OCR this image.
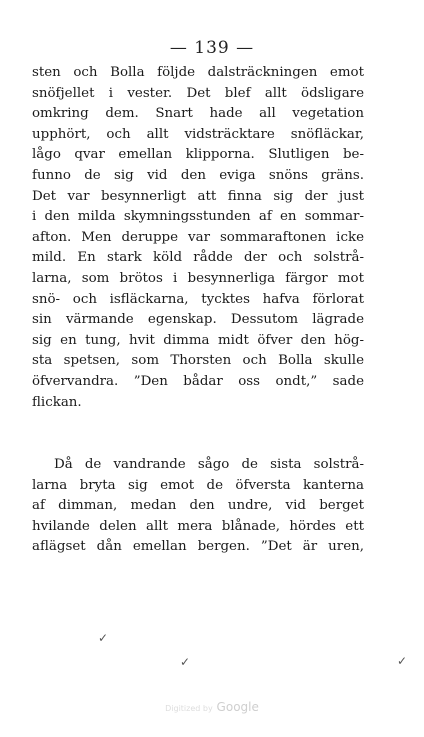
— 139 —
sten och Bolla följde dalsträckningen emot
snöfjellet i vester. Det blef allt ödsligare
omkring dem. Snart hade all vegetation
upphört, och allt vidsträcktare snöfläckar,
lågo qvar emellan klipporna. Slutligen be-
funno de sig vid den eviga snöns gräns.
Det var besynnerligt att finna sig der just
i den milda skymningsstunden af en sommar-
afton. Men deruppe var sommaraftonen icke
mild. En stark köld rådde der och solstrå-
larna, som brötos i besynnerliga färgor mot
snö- och isfläckarna, tycktes hafva förlorat
sin värmande egenskap. Dessutom lägrade
sig en tung, hvit dimma midt öfver den hög-
sta spetsen, som Thorsten och Bolla skulle
öfvervandra. ”Den bådar oss ondt,” sade
flickan.
Då de vandrande sågo de sista solstrå-
larna bryta sig emot de öfversta kanterna
af dimman, medan den undre, vid berget
hvilande delen allt mera blånade, hördes ett
aflägset dån emellan bergen. ”Det är uren,
✓
✓	✓
Digitized by Google
